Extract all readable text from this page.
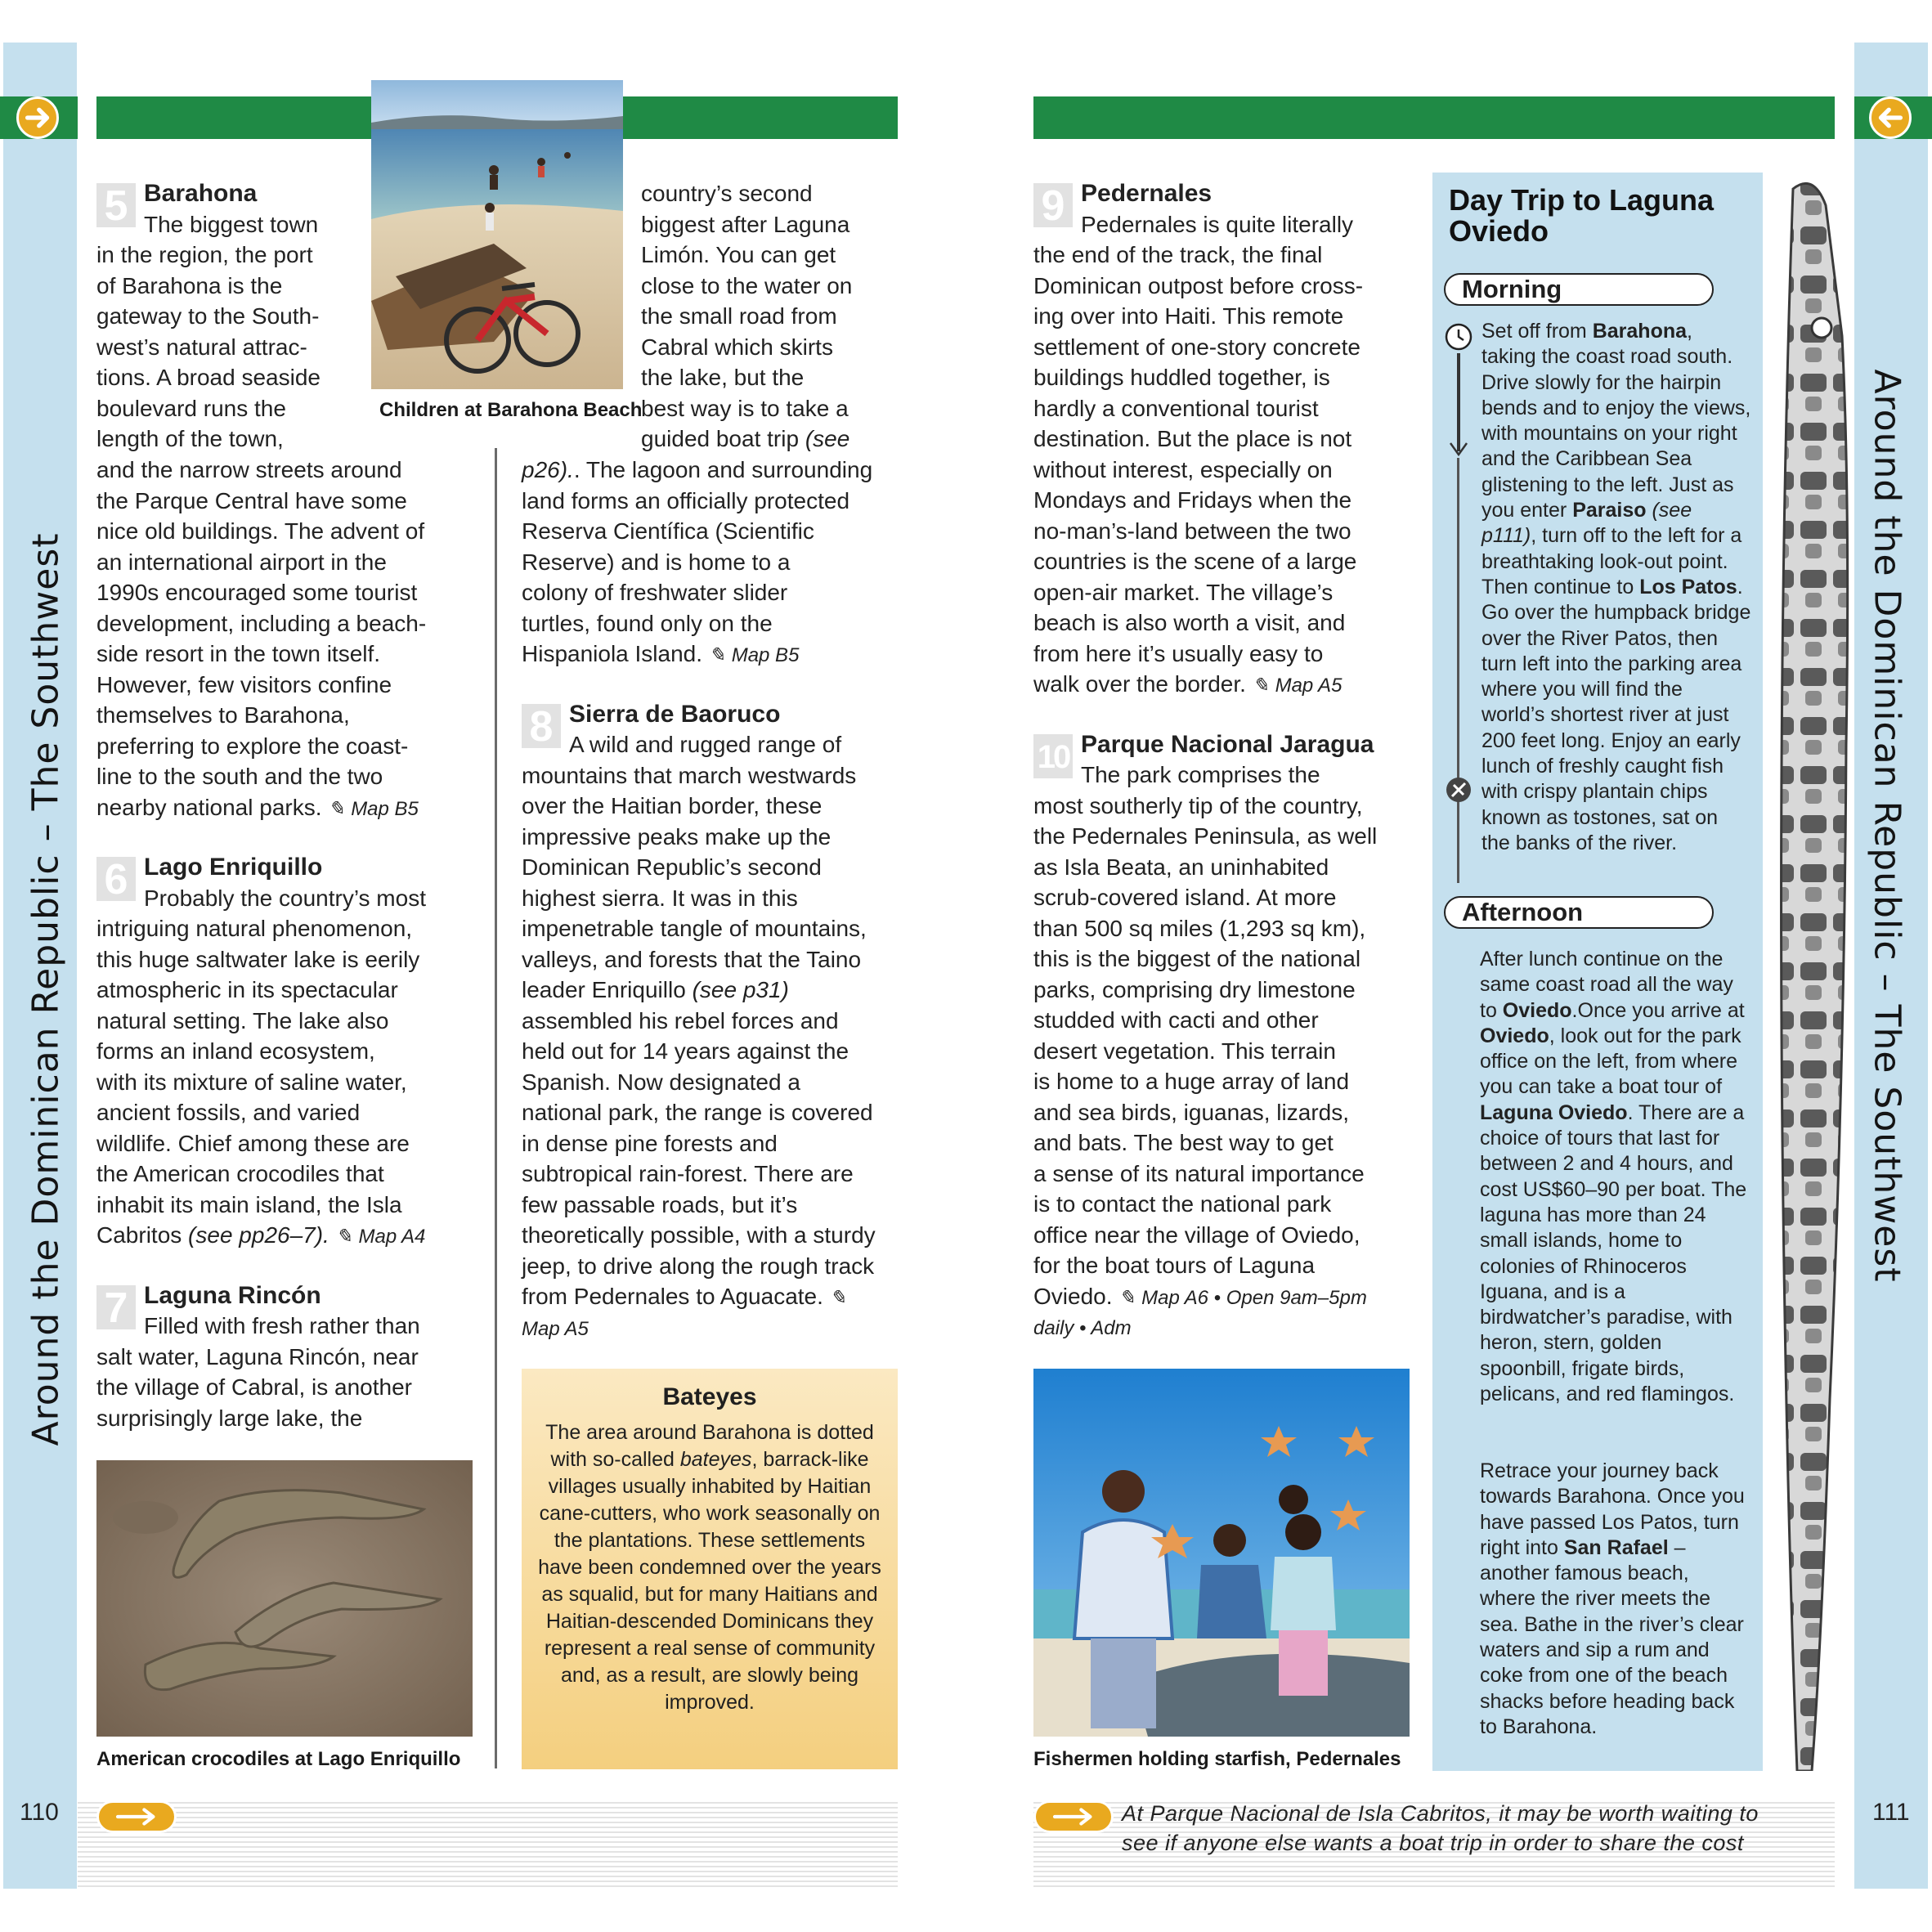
Around the Dominican Republic – The Southwest	Around the Dominican Republic – The Southwest
Children at Barahona Beach
5 Barahona

The biggest town

in the region, the port

of Barahona is the

gateway to the South-

west’s natural attrac-

tions. A broad seaside

boulevard runs the

length of the town,

and the narrow streets around

the Parque Central have some

nice old buildings. The advent of

an international airport in the

1990s encouraged some tourist

development, including a beach-

side resort in the town itself.

However, few visitors confine

themselves to Barahona,

preferring to explore the coast-

line to the south and the two

nearby national parks. ✎ Map B5

6 Lago Enriquillo

Probably the country’s most

intriguing natural phenomenon,

this huge saltwater lake is eerily

atmospheric in its spectacular

natural setting. The lake also

forms an inland ecosystem,

with its mixture of saline water,

ancient fossils, and varied

wildlife. Chief among these are

the American crocodiles that

inhabit its main island, the Isla

Cabritos (see pp26–7). ✎ Map A4

7 Laguna Rincón

Filled with fresh rather than

salt water, Laguna Rincón, near

the village of Cabral, is another

surprisingly large lake, the

American crocodiles at Lago Enriquillo

country’s second

biggest after Laguna

Limón. You can get

close to the water on

the small road from

Cabral which skirts

the lake, but the

best way is to take a

guided boat trip (see

p26).. The lagoon and surrounding

land forms an officially protected

Reserva Científica (Scientific

Reserve) and is home to a

colony of freshwater slider

turtles, found only on the

Hispaniola Island. ✎ Map B5

8 Sierra de Baoruco

A wild and rugged range of

mountains that march westwards

over the Haitian border, these

impressive peaks make up the

Dominican Republic’s second

highest sierra. It was in this

impenetrable tangle of mountains,

valleys, and forests that the Taino

leader Enriquillo (see p31)

assembled his rebel forces and

held out for 14 years against the

Spanish. Now designated a

national park, the range is covered

in dense pine forests and

subtropical rain-forest. There are

few passable roads, but it’s

theoretically possible, with a sturdy

jeep, to drive along the rough track

from Pedernales to Aguacate. ✎

Map A5

Bateyes

The area around Barahona is dotted with so-called bateyes, barrack-like villages usually inhabited by Haitian cane-cutters, who work seasonally on the plantations. These settlements have been condemned over the years as squalid, but for many Haitians and Haitian-descended Dominicans they represent a real sense of community and, as a result, are slowly being improved.

9 Pedernales

Pedernales is quite literally

the end of the track, the final

Dominican outpost before cross-

ing over into Haiti. This remote

settlement of one-story concrete

buildings huddled together, is

hardly a conventional tourist

destination. But the place is not

without interest, especially on

Mondays and Fridays when the

no-man’s-land between the two

countries is the scene of a large

open-air market. The village’s

beach is also worth a visit, and

from here it’s usually easy to

walk over the border. ✎ Map A5

10 Parque Nacional Jaragua

The park comprises the

most southerly tip of the country,

the Pedernales Peninsula, as well

as Isla Beata, an uninhabited

scrub-covered island. At more

than 500 sq miles (1,293 sq km),

this is the biggest of the national

parks, comprising dry limestone

studded with cacti and other

desert vegetation. This terrain

is home to a huge array of land

and sea birds, iguanas, lizards,

and bats. The best way to get

a sense of its natural importance

is to contact the national park

office near the village of Oviedo,

for the boat tours of Laguna

Oviedo. ✎ Map A6 • Open 9am–5pm

daily • Adm

Fishermen holding starfish, Pedernales
Day Trip to Laguna
Oviedo
Morning
Set off from Barahona, taking the coast road south. Drive slowly for the hairpin bends and to enjoy the views, with mountains on your right and the Caribbean Sea glistening to the left. Just as you enter Paraiso (see p111), turn off to the left for a breathtaking look-out point. Then continue to Los Patos. Go over the humpback bridge over the River Patos, then turn left into the parking area where you will find the world’s shortest river at just 200 feet long. Enjoy an early lunch of freshly caught fish with crispy plantain chips known as tostones, sat on the banks of the river.
Afternoon
After lunch continue on the same coast road all the way to Oviedo.Once you arrive at Oviedo, look out for the park office on the left, from where you can take a boat tour of Laguna Oviedo. There are a choice of tours that last for between 2 and 4 hours, and cost US$60–90 per boat. The laguna has more than 24 small islands, home to colonies of Rhinoceros Iguana, and is a birdwatcher’s paradise, with heron, stern, golden spoonbill, frigate birds, pelicans, and red flamingos.
Retrace your journey back towards Barahona. Once you have passed Los Patos, turn right into San Rafael – another famous beach, where the river meets the sea. Bathe in the river’s clear waters and sip a rum and coke from one of the beach shacks before heading back to Barahona.
110	111
At Parque Nacional de Isla Cabritos, it may be worth waiting to
see if anyone else wants a boat trip in order to share the cost
